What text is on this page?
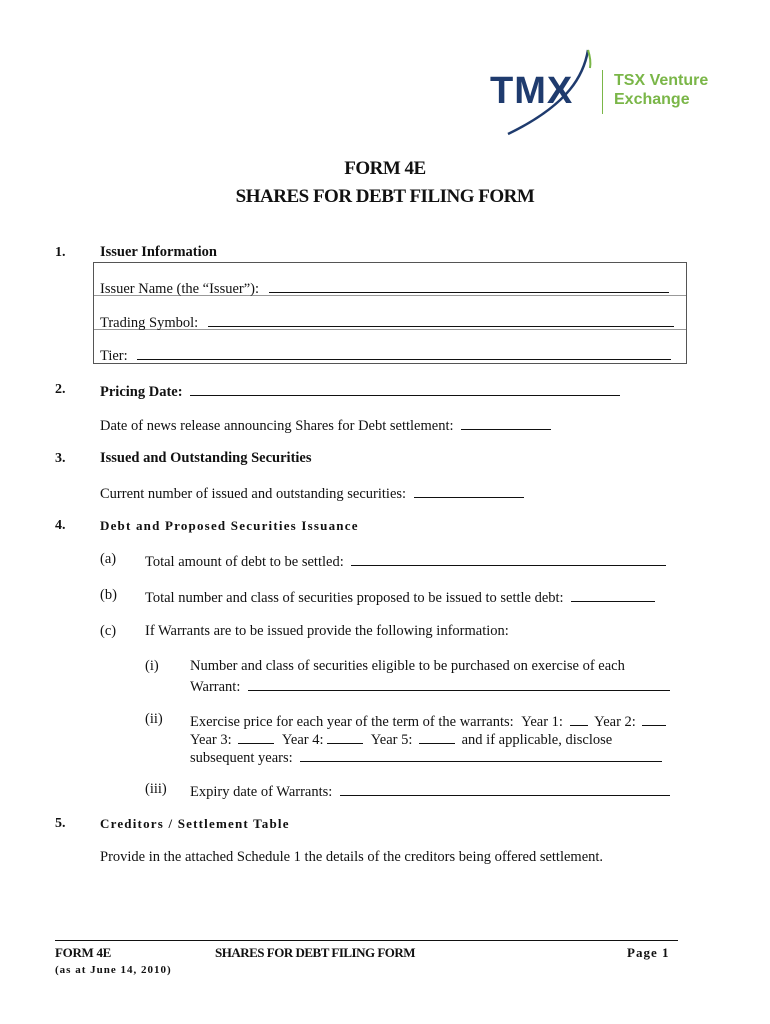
TMX	TSX Venture
Exchange
FORM 4E
SHARES FOR DEBT FILING FORM
1. Issuer Information
Issuer Name (the “Issuer”):
Trading Symbol:
Tier:
2. Pricing Date:
Date of news release announcing Shares for Debt settlement:
3. Issued and Outstanding Securities
Current number of issued and outstanding securities:
4.	Debt and Proposed Securities Issuance
(a) Total amount of debt to be settled:
(b) Total number and class of securities proposed to be issued to settle debt:
(c) If Warrants are to be issued provide the following information:
(i) Number and class of securities eligible to be purchased on exercise of each
Warrant:
(ii) Exercise price for each year of the term of the warrants: Year 1: Year 2:
Year 3:	Year 4:	Year 5:	and if applicable, disclose
subsequent years:
(iii) Expiry date of Warrants:
5.	Creditors / Settlement Table
Provide in the attached Schedule 1 the details of the creditors being offered settlement.
FORM 4E	SHARES FOR DEBT FILING FORM	Page 1
(as at June 14, 2010)
